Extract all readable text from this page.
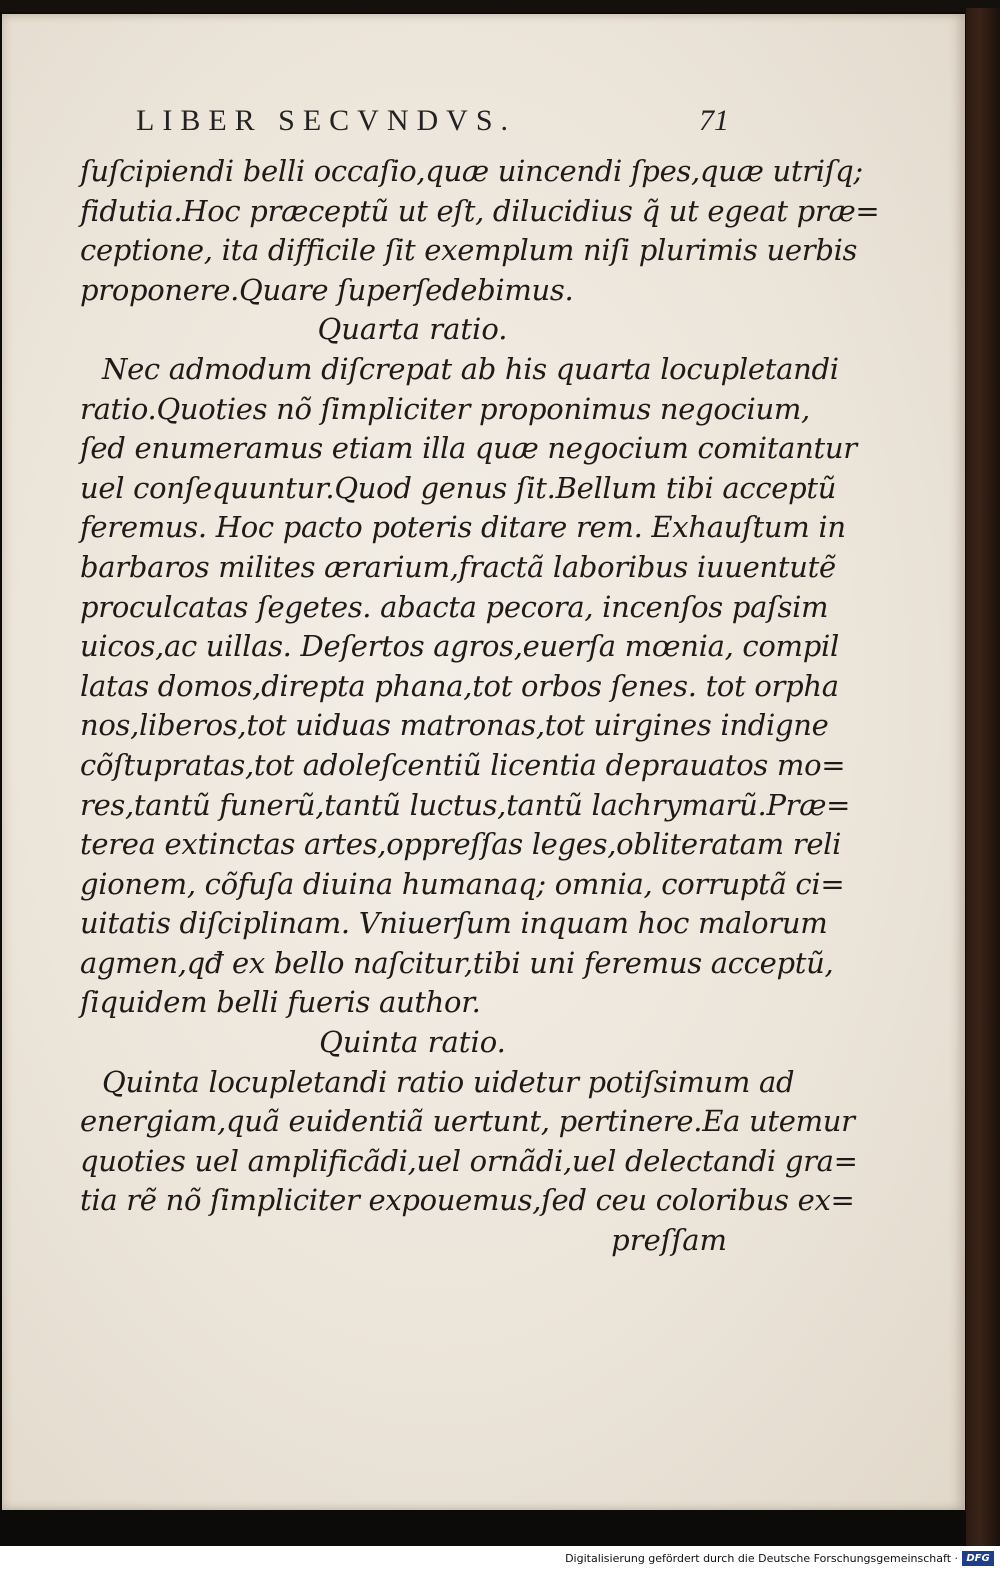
LIBER SECVNDVS.	71
ſuſcipiendi belli occaſio,quæ uincendi ſpes,quæ utriſq;
fidutia.Hoc præceptũ ut eſt, dilucidius q̃ ut egeat præ=
ceptione, ita difficile ſit exemplum niſi plurimis uerbis
proponere.Quare ſuperſedebimus.
Quarta ratio.
Nec admodum diſcrepat ab his quarta locupletandi
ratio.Quoties nõ ſimpliciter proponimus negocium,
ſed enumeramus etiam illa quæ negocium comitantur
uel conſequuntur.Quod genus ſit.Bellum tibi acceptũ
feremus. Hoc pacto poteris ditare rem. Exhauſtum in
barbaros milites ærarium,fractã laboribus iuuentutẽ
proculcatas ſegetes. abacta pecora, incenſos paſsim
uicos,ac uillas. Deſertos agros,euerſa mœnia, compil
latas domos,direpta phana,tot orbos ſenes. tot orpha
nos,liberos,tot uiduas matronas,tot uirgines indigne
cõſtupratas,tot adoleſcentiũ licentia deprauatos mo=
res,tantũ funerũ,tantũ luctus,tantũ lachrymarũ.Præ=
terea extinctas artes,oppreſſas leges,obliteratam reli
gionem, cõfuſa diuina humanaq; omnia, corruptã ci=
uitatis diſciplinam. Vniuerſum inquam hoc malorum
agmen,qđ ex bello naſcitur,tibi uni feremus acceptũ,
ſiquidem belli fueris author.
Quinta ratio.
Quinta locupletandi ratio uidetur potiſsimum ad
energiam,quã euidentiã uertunt, pertinere.Ea utemur
quoties uel amplificãdi,uel ornãdi,uel delectandi gra=
tia rẽ nõ ſimpliciter expouemus,ſed ceu coloribus ex=
preſſam
Digitalisierung gefördert durch die Deutsche Forschungsgemeinschaft · DFG
